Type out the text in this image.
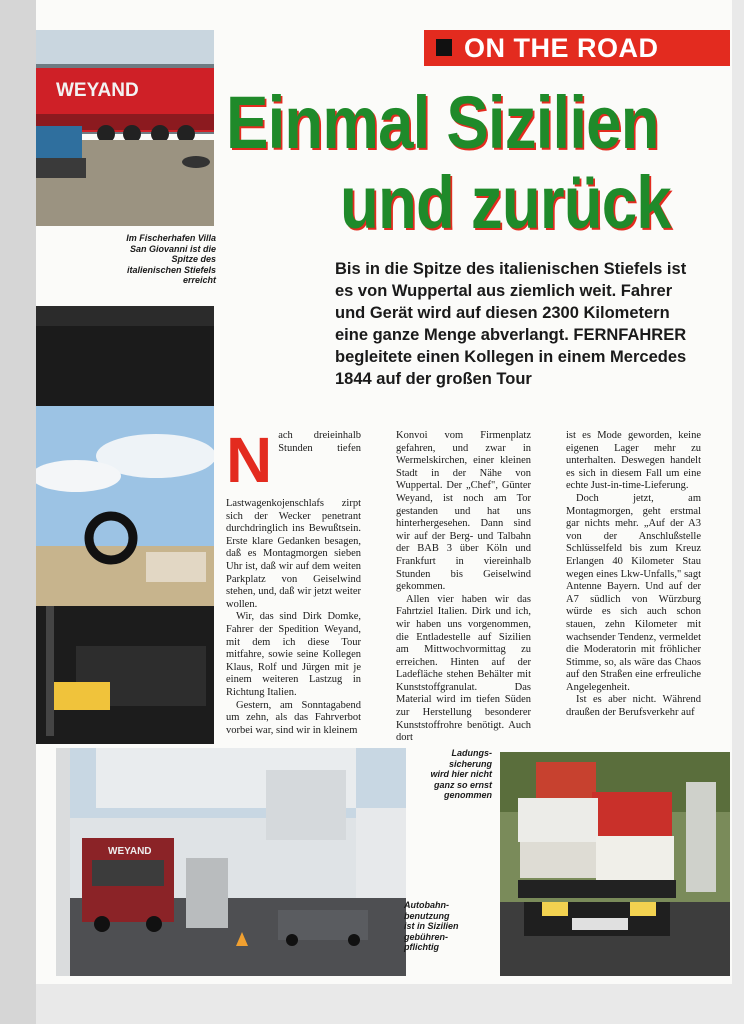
WEYAND
Im Fischerhafen Villa San Giovanni ist die Spitze des italienischen Stiefels erreicht
ON THE ROAD
Einmal Sizilien
und zurück
Bis in die Spitze des italienischen Stiefels ist es von Wuppertal aus ziemlich weit. Fahrer und Gerät wird auf diesen 2300 Kilometern eine ganze Menge abverlangt. FERNFAHRER begleitete einen Kollegen in einem Mercedes 1844 auf der großen Tour

Nach dreieinhalb Stunden tiefen Lastwagenkojenschlafs zirpt sich der Wecker penetrant durchdringlich ins Bewußtsein. Erste klare Gedanken besagen, daß es Montagmorgen sieben Uhr ist, daß wir auf dem weiten Parkplatz von Geiselwind stehen, und, daß wir jetzt weiter wollen.

Wir, das sind Dirk Domke, Fahrer der Spedition Weyand, mit dem ich diese Tour mitfahre, sowie seine Kollegen Klaus, Rolf und Jürgen mit je einem weiteren Lastzug in Richtung Italien.

Gestern, am Sonntagabend um zehn, als das Fahrverbot vorbei war, sind wir in kleinem

Konvoi vom Firmenplatz gefahren, und zwar in Wermelskirchen, einer kleinen Stadt in der Nähe von Wuppertal. Der „Chef", Günter Weyand, ist noch am Tor gestanden und hat uns hinterhergesehen. Dann sind wir auf der Berg- und Talbahn der BAB 3 über Köln und Frankfurt in viereinhalb Stunden bis Geiselwind gekommen.

Allen vier haben wir das Fahrtziel Italien. Dirk und ich, wir haben uns vorgenommen, die Entladestelle auf Sizilien am Mittwochvormittag zu erreichen. Hinten auf der Ladefläche stehen Behälter mit Kunststoffgranulat. Das Material wird im tiefen Süden zur Herstellung besonderer Kunststoffrohre benötigt. Auch dort

ist es Mode geworden, keine eigenen Lager mehr zu unterhalten. Deswegen handelt es sich in diesem Fall um eine echte Just-in-time-Lieferung.

Doch jetzt, am Montagmorgen, geht erstmal gar nichts mehr. „Auf der A3 von der Anschlußstelle Schlüsselfeld bis zum Kreuz Erlangen 40 Kilometer Stau wegen eines Lkw-Unfalls," sagt Antenne Bayern. Und auf der A7 südlich von Würzburg würde es sich auch schon stauen, zehn Kilometer mit wachsender Tendenz, vermeldet die Moderatorin mit fröhlicher Stimme, so, als wäre das Chaos auf den Straßen eine erfreuliche Angelegenheit.

Ist es aber nicht. Während draußen der Berufsverkehr auf

WEYAND
Autobahn-benutzung ist in Sizilien gebühren-pflichtig
Ladungs-sicherung wird hier nicht ganz so ernst genommen
